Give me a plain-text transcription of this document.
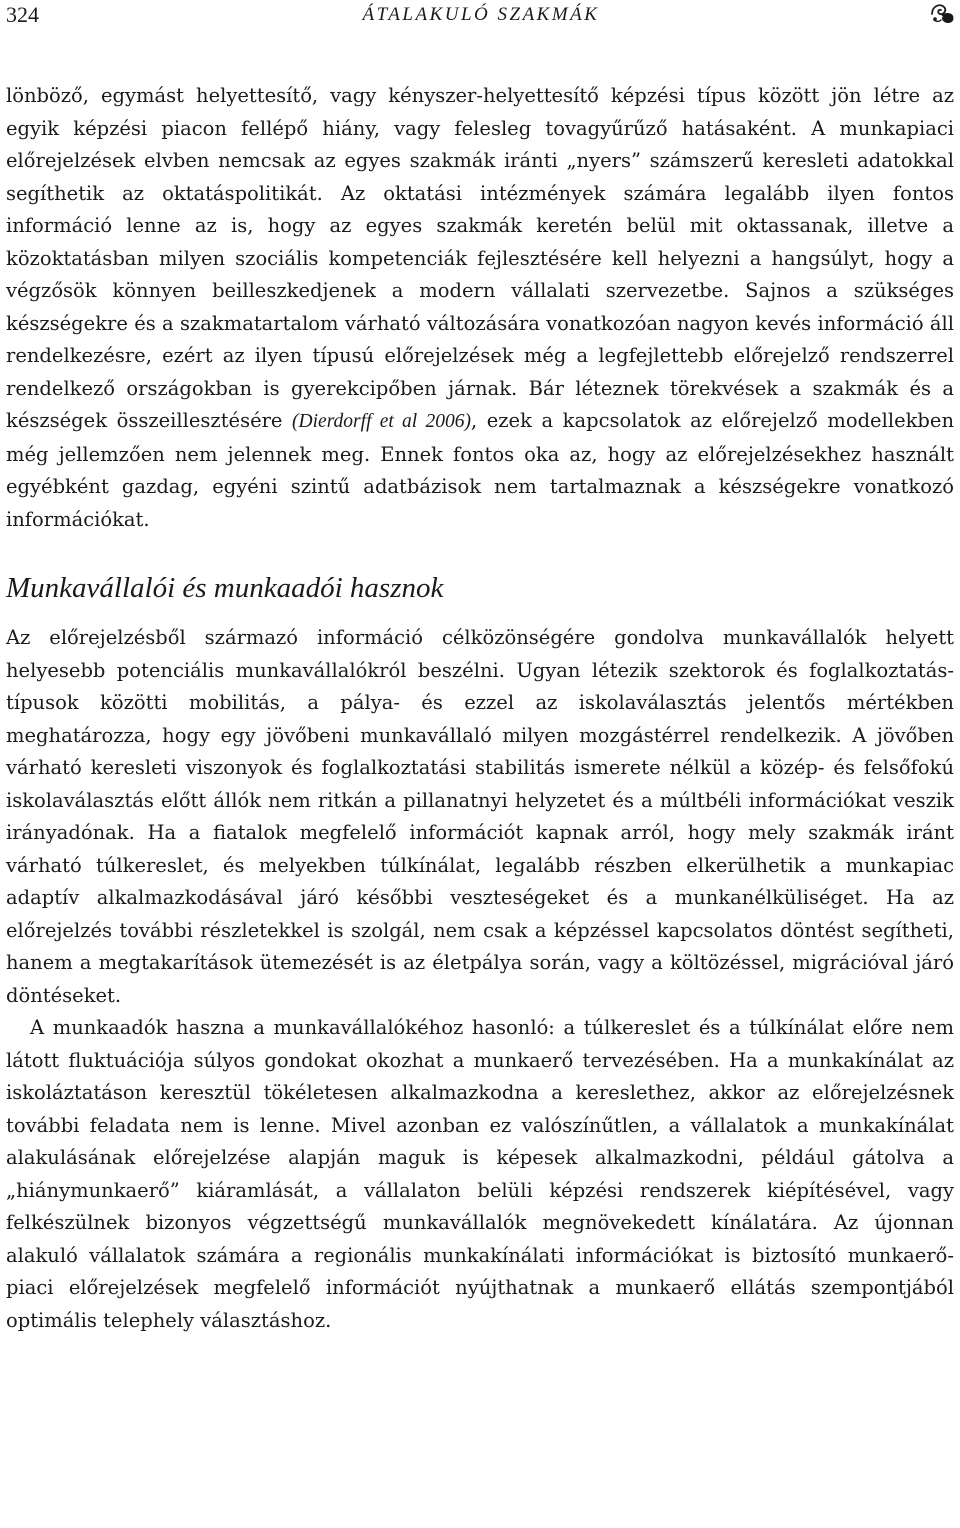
324	ÁTALAKULÓ SZAKMÁK

lönböző, egymást helyettesítő, vagy kényszer-helyettesítő képzési típus között jön létre az egyik képzési piacon fellépő hiány, vagy felesleg tovagyűrűző hatásaként. A munkapiaci előrejelzések elvben nemcsak az egyes szakmák iránti „nyers” számszerű keresleti adatokkal segíthetik az oktatáspolitikát. Az oktatási intézmények számára legalább ilyen fontos információ lenne az is, hogy az egyes szakmák keretén belül mit oktassanak, illetve a közoktatásban milyen szociális kompetenciák fejlesztésére kell helyezni a hangsúlyt, hogy a végzősök könnyen beilleszkedjenek a modern vállalati szervezetbe. Sajnos a szükséges készségekre és a szakmatartalom várható változására vonatkozóan nagyon kevés információ áll rendelkezésre, ezért az ilyen típusú előrejelzések még a legfejlettebb előrejelző rendszerrel rendelkező országokban is gyerekcipőben járnak. Bár léteznek törekvések a szakmák és a készségek összeillesztésére (Dierdorff et al 2006), ezek a kapcsolatok az előrejelző modellekben még jellemzően nem jelennek meg. Ennek fontos oka az, hogy az előrejelzésekhez használt egyébként gazdag, egyéni szintű adatbázisok nem tartalmaznak a készségekre vonatkozó információkat.

Munkavállalói és munkaadói hasznok

Az előrejelzésből származó információ célközönségére gondolva munkavállalók helyett helyesebb potenciális munkavállalókról beszélni. Ugyan létezik szektorok és foglalkoztatás-típusok közötti mobilitás, a pálya- és ezzel az iskolaválasztás jelentős mértékben meghatározza, hogy egy jövőbeni munkavállaló milyen mozgástérrel rendelkezik. A jövőben várható keresleti viszonyok és foglalkoztatási stabilitás ismerete nélkül a közép- és felsőfokú iskolaválasztás előtt állók nem ritkán a pillanatnyi helyzetet és a múltbéli információkat veszik irányadónak. Ha a fiatalok megfelelő információt kapnak arról, hogy mely szakmák iránt várható túlkereslet, és melyekben túlkínálat, legalább részben elkerülhetik a munkapiac adaptív alkalmazkodásával járó későbbi veszteségeket és a munkanélküliséget. Ha az előrejelzés további részletekkel is szolgál, nem csak a képzéssel kapcsolatos döntést segítheti, hanem a megtakarítások ütemezését is az életpálya során, vagy a költözéssel, migrációval járó döntéseket.

A munkaadók haszna a munkavállalókéhoz hasonló: a túlkereslet és a túlkínálat előre nem látott fluktuációja súlyos gondokat okozhat a munkaerő tervezésében. Ha a munkakínálat az iskoláztatáson keresztül tökéletesen alkalmazkodna a kereslethez, akkor az előrejelzésnek további feladata nem is lenne. Mivel azonban ez valószínűtlen, a vállalatok a munkakínálat alakulásának előrejelzése alapján maguk is képesek alkalmazkodni, például gátolva a „hiánymunkaerő” kiáramlását, a vállalaton belüli képzési rendszerek kiépítésével, vagy felkészülnek bizonyos végzettségű munkavállalók megnövekedett kínálatára. Az újonnan alakuló vállalatok számára a regionális munkakínálati információkat is biztosító munkaerő-piaci előrejelzések megfelelő információt nyújthatnak a munkaerő ellátás szempontjából optimális telephely választáshoz.
